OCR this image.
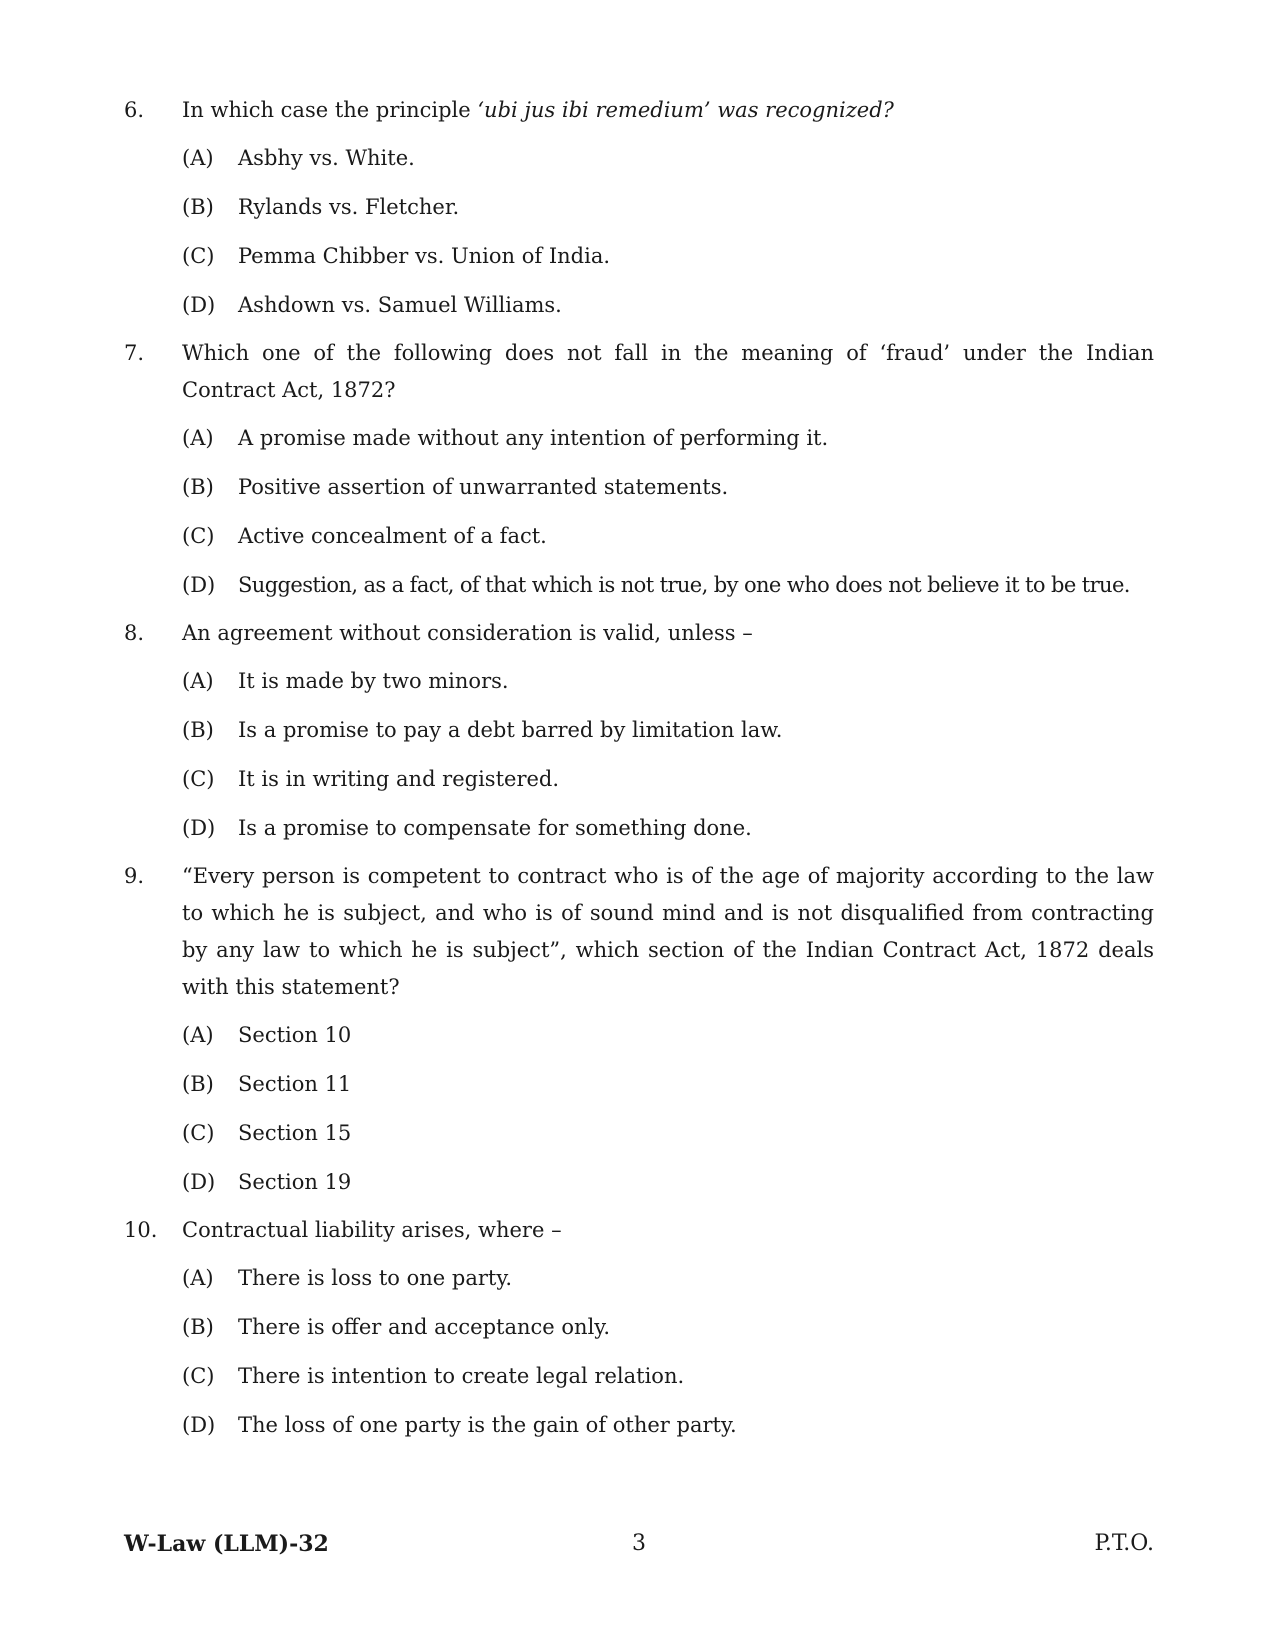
6.	In which case the principle ‘ubi jus ibi remedium’ was recognized?
(A)	Asbhy vs. White.
(B)	Rylands vs. Fletcher.
(C)	Pemma Chibber vs. Union of India.
(D)	Ashdown vs. Samuel Williams.
7.	Which one of the following does not fall in the meaning of ‘fraud’ under the Indian Contract Act, 1872?
(A)	A promise made without any intention of performing it.
(B)	Positive assertion of unwarranted statements.
(C)	Active concealment of a fact.
(D)	Suggestion, as a fact, of that which is not true, by one who does not believe it to be true.
8.	An agreement without consideration is valid, unless –
(A)	It is made by two minors.
(B)	Is a promise to pay a debt barred by limitation law.
(C)	It is in writing and registered.
(D)	Is a promise to compensate for something done.
9.	“Every person is competent to contract who is of the age of majority according to the law to which he is subject, and who is of sound mind and is not disqualified from contracting by any law to which he is subject”, which section of the Indian Contract Act, 1872 deals with this statement?
(A)	Section 10
(B)	Section 11
(C)	Section 15
(D)	Section 19
10.	Contractual liability arises, where –
(A)	There is loss to one party.
(B)	There is offer and acceptance only.
(C)	There is intention to create legal relation.
(D)	The loss of one party is the gain of other party.
W-Law (LLM)-32	3	P.T.O.
